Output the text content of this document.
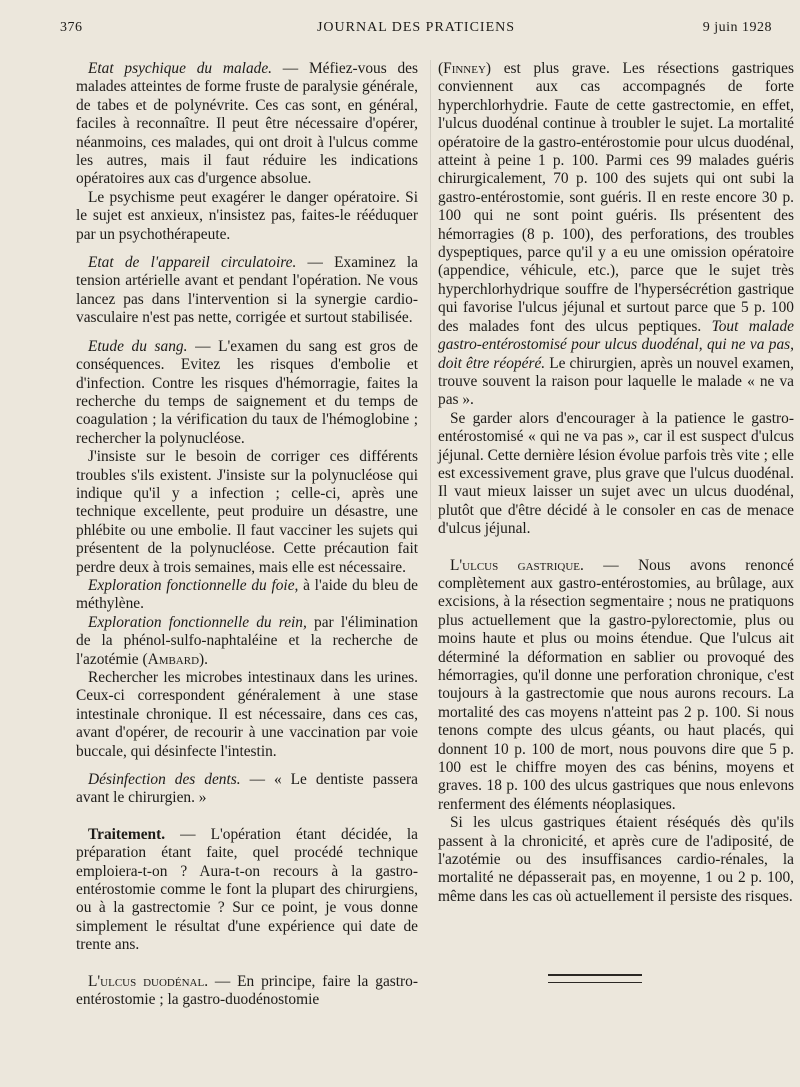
376	JOURNAL DES PRATICIENS	9 juin 1928

Etat psychique du malade. — Méfiez-vous des malades atteintes de forme fruste de paralysie générale, de tabes et de polynévrite. Ces cas sont, en général, faciles à reconnaître. Il peut être nécessaire d'opérer, néanmoins, ces malades, qui ont droit à l'ulcus comme les autres, mais il faut réduire les indications opératoires aux cas d'urgence absolue.

Le psychisme peut exagérer le danger opératoire. Si le sujet est anxieux, n'insistez pas, faites-le rééduquer par un psychothérapeute.

Etat de l'appareil circulatoire. — Examinez la tension artérielle avant et pendant l'opération. Ne vous lancez pas dans l'intervention si la synergie cardio-vasculaire n'est pas nette, corrigée et surtout stabilisée.

Etude du sang. — L'examen du sang est gros de conséquences. Evitez les risques d'embolie et d'infection. Contre les risques d'hémorragie, faites la recherche du temps de saignement et du temps de coagulation ; la vérification du taux de l'hémoglobine ; rechercher la polynucléose.

J'insiste sur le besoin de corriger ces différents troubles s'ils existent. J'insiste sur la polynucléose qui indique qu'il y a infection ; celle-ci, après une technique excellente, peut produire un désastre, une phlébite ou une embolie. Il faut vacciner les sujets qui présentent de la polynucléose. Cette précaution fait perdre deux à trois semaines, mais elle est nécessaire.

Exploration fonctionnelle du foie, à l'aide du bleu de méthylène.

Exploration fonctionnelle du rein, par l'élimination de la phénol-sulfo-naphtaléine et la recherche de l'azotémie (Ambard).

Rechercher les microbes intestinaux dans les urines. Ceux-ci correspondent généralement à une stase intestinale chronique. Il est nécessaire, dans ces cas, avant d'opérer, de recourir à une vaccination par voie buccale, qui désinfecte l'intestin.

Désinfection des dents. — « Le dentiste passera avant le chirurgien. »

Traitement. — L'opération étant décidée, la préparation étant faite, quel procédé technique emploiera-t-on ? Aura-t-on recours à la gastro-entérostomie comme le font la plupart des chirurgiens, ou à la gastrectomie ? Sur ce point, je vous donne simplement le résultat d'une expérience qui date de trente ans.

L'ulcus duodénal. — En principe, faire la gastro-entérostomie ; la gastro-duodénostomie

(Finney) est plus grave. Les résections gastriques conviennent aux cas accompagnés de forte hyperchlorhydrie. Faute de cette gastrectomie, en effet, l'ulcus duodénal continue à troubler le sujet. La mortalité opératoire de la gastro-entérostomie pour ulcus duodénal, atteint à peine 1 p. 100. Parmi ces 99 malades guéris chirurgicalement, 70 p. 100 des sujets qui ont subi la gastro-entérostomie, sont guéris. Il en reste encore 30 p. 100 qui ne sont point guéris. Ils présentent des hémorragies (8 p. 100), des perforations, des troubles dyspeptiques, parce qu'il y a eu une omission opératoire (appendice, véhicule, etc.), parce que le sujet très hyperchlorhydrique souffre de l'hypersécrétion gastrique qui favorise l'ulcus jéjunal et surtout parce que 5 p. 100 des malades font des ulcus peptiques. Tout malade gastro-entérostomisé pour ulcus duodénal, qui ne va pas, doit être réopéré. Le chirurgien, après un nouvel examen, trouve souvent la raison pour laquelle le malade « ne va pas ».

Se garder alors d'encourager à la patience le gastro-entérostomisé « qui ne va pas », car il est suspect d'ulcus jéjunal. Cette dernière lésion évolue parfois très vite ; elle est excessivement grave, plus grave que l'ulcus duodénal. Il vaut mieux laisser un sujet avec un ulcus duodénal, plutôt que d'être décidé à le consoler en cas de menace d'ulcus jéjunal.

L'ulcus gastrique. — Nous avons renoncé complètement aux gastro-entérostomies, au brûlage, aux excisions, à la résection segmentaire ; nous ne pratiquons plus actuellement que la gastro-pylorectomie, plus ou moins haute et plus ou moins étendue. Que l'ulcus ait déterminé la déformation en sablier ou provoqué des hémorragies, qu'il donne une perforation chronique, c'est toujours à la gastrectomie que nous aurons recours. La mortalité des cas moyens n'atteint pas 2 p. 100. Si nous tenons compte des ulcus géants, ou haut placés, qui donnent 10 p. 100 de mort, nous pouvons dire que 5 p. 100 est le chiffre moyen des cas bénins, moyens et graves. 18 p. 100 des ulcus gastriques que nous enlevons renferment des éléments néoplasiques.

Si les ulcus gastriques étaient réséqués dès qu'ils passent à la chronicité, et après cure de l'adiposité, de l'azotémie ou des insuffisances cardio-rénales, la mortalité ne dépasserait pas, en moyenne, 1 ou 2 p. 100, même dans les cas où actuellement il persiste des risques.
